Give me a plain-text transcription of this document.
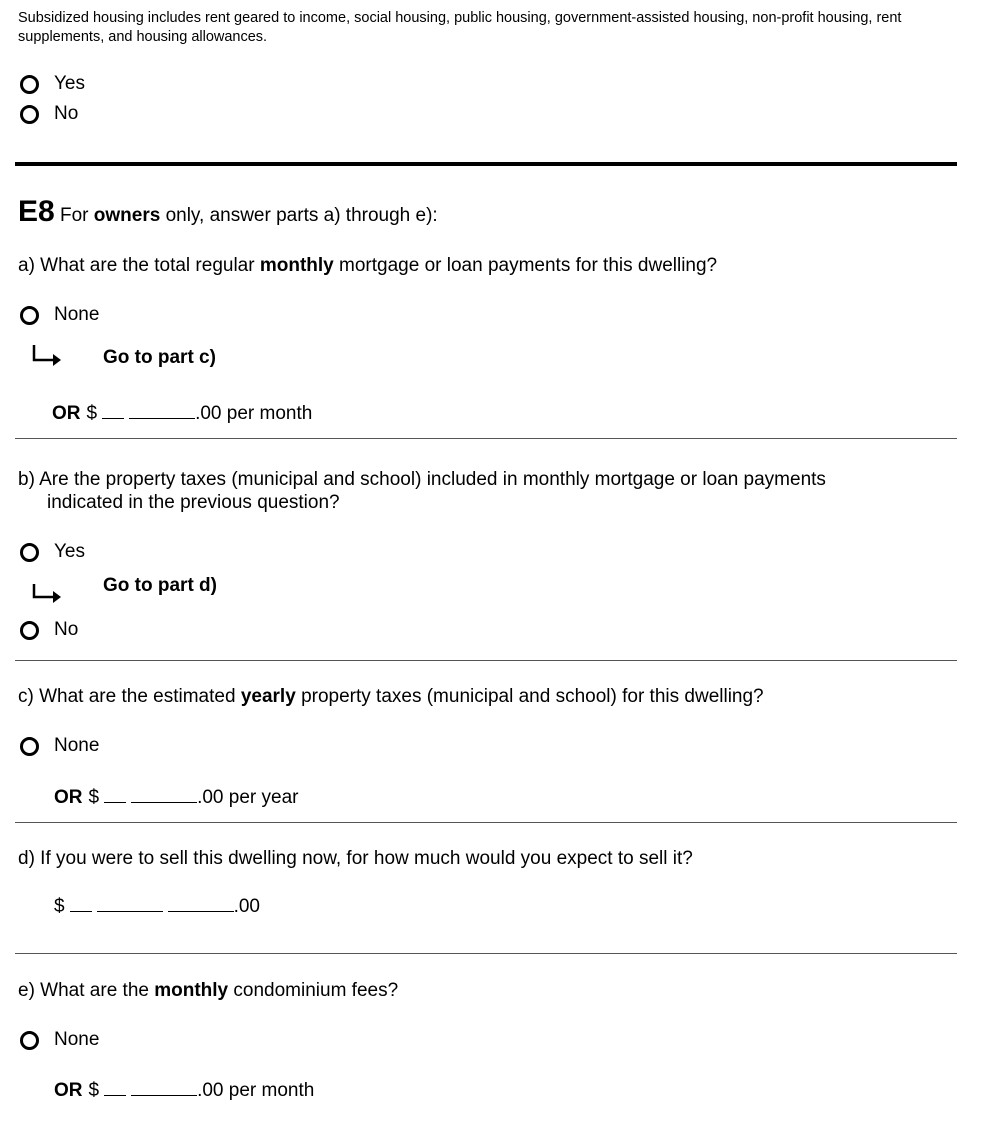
Subsidized housing includes rent geared to income, social housing, public housing, government-assisted housing, non-profit housing, rent supplements, and housing allowances.
Yes
No
E8 For owners only, answer parts a) through e):
a) What are the total regular monthly mortgage or loan payments for this dwelling?
None
Go to part c)
OR $	.00 per month
b) Are the property taxes (municipal and school) included in monthly mortgage or loan payments
indicated in the previous question?
Yes
Go to part d)
No
c) What are the estimated yearly property taxes (municipal and school) for this dwelling?
None
OR $	.00 per year
d) If you were to sell this dwelling now, for how much would you expect to sell it?
$	.00
e) What are the monthly condominium fees?
None
OR $	.00 per month
